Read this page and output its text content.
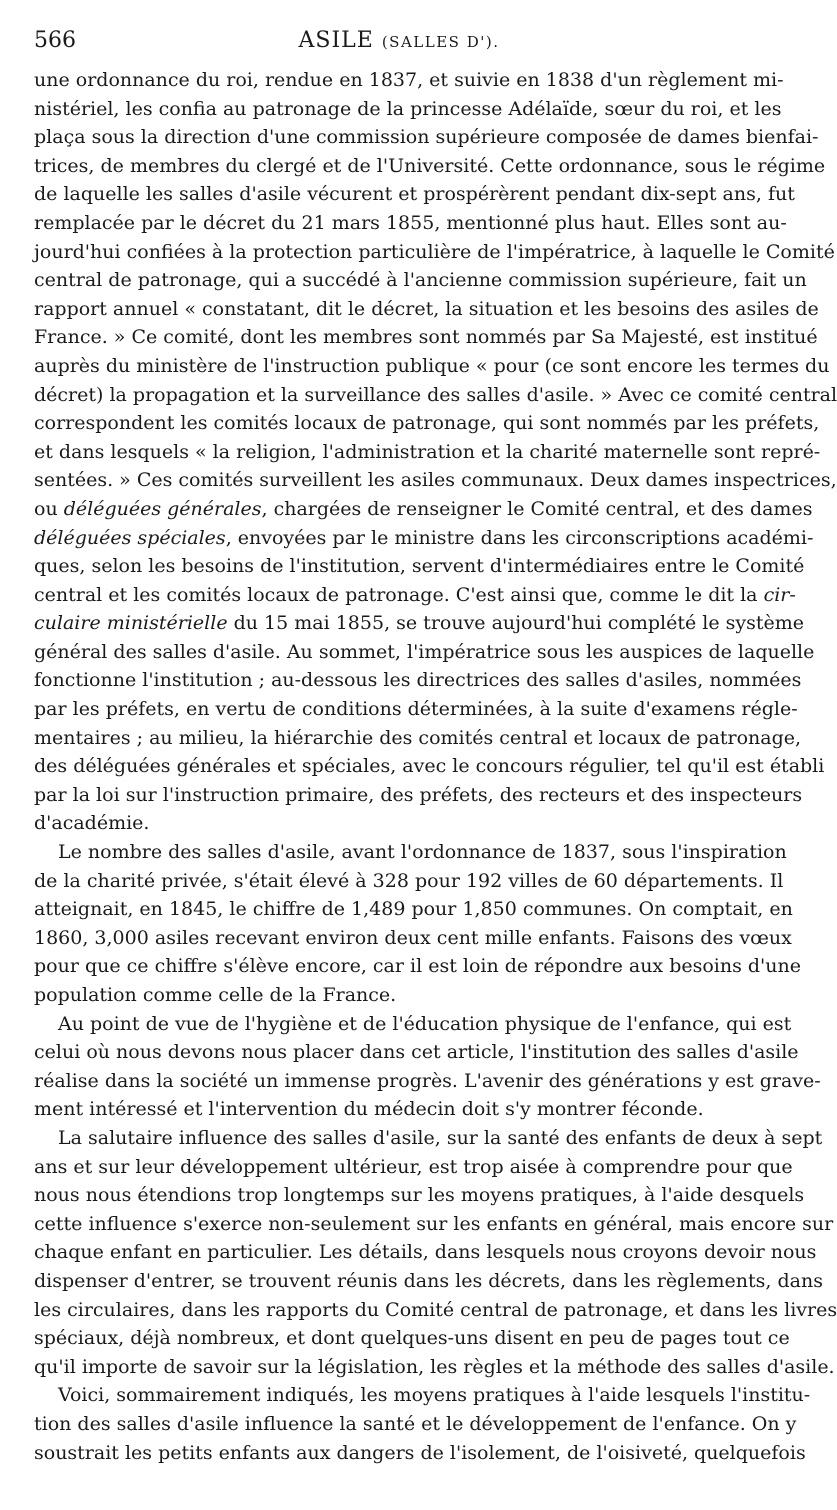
566	ASILE (SALLES D').
une ordonnance du roi, rendue en 1837, et suivie en 1838 d'un règlement mi-
nistériel, les confia au patronage de la princesse Adélaïde, sœur du roi, et les
plaça sous la direction d'une commission supérieure composée de dames bienfai-
trices, de membres du clergé et de l'Université. Cette ordonnance, sous le régime
de laquelle les salles d'asile vécurent et prospérèrent pendant dix-sept ans, fut
remplacée par le décret du 21 mars 1855, mentionné plus haut. Elles sont au-
jourd'hui confiées à la protection particulière de l'impératrice, à laquelle le Comité
central de patronage, qui a succédé à l'ancienne commission supérieure, fait un
rapport annuel « constatant, dit le décret, la situation et les besoins des asiles de
France. » Ce comité, dont les membres sont nommés par Sa Majesté, est institué
auprès du ministère de l'instruction publique « pour (ce sont encore les termes du
décret) la propagation et la surveillance des salles d'asile. » Avec ce comité central
correspondent les comités locaux de patronage, qui sont nommés par les préfets,
et dans lesquels « la religion, l'administration et la charité maternelle sont repré-
sentées. » Ces comités surveillent les asiles communaux. Deux dames inspectrices,
ou déléguées générales, chargées de renseigner le Comité central, et des dames
déléguées spéciales, envoyées par le ministre dans les circonscriptions académi-
ques, selon les besoins de l'institution, servent d'intermédiaires entre le Comité
central et les comités locaux de patronage. C'est ainsi que, comme le dit la cir-
culaire ministérielle du 15 mai 1855, se trouve aujourd'hui complété le système
général des salles d'asile. Au sommet, l'impératrice sous les auspices de laquelle
fonctionne l'institution ; au-dessous les directrices des salles d'asiles, nommées
par les préfets, en vertu de conditions déterminées, à la suite d'examens régle-
mentaires ; au milieu, la hiérarchie des comités central et locaux de patronage,
des déléguées générales et spéciales, avec le concours régulier, tel qu'il est établi
par la loi sur l'instruction primaire, des préfets, des recteurs et des inspecteurs
d'académie.
Le nombre des salles d'asile, avant l'ordonnance de 1837, sous l'inspiration
de la charité privée, s'était élevé à 328 pour 192 villes de 60 départements. Il
atteignait, en 1845, le chiffre de 1,489 pour 1,850 communes. On comptait, en
1860, 3,000 asiles recevant environ deux cent mille enfants. Faisons des vœux
pour que ce chiffre s'élève encore, car il est loin de répondre aux besoins d'une
population comme celle de la France.
Au point de vue de l'hygiène et de l'éducation physique de l'enfance, qui est
celui où nous devons nous placer dans cet article, l'institution des salles d'asile
réalise dans la société un immense progrès. L'avenir des générations y est grave-
ment intéressé et l'intervention du médecin doit s'y montrer féconde.
La salutaire influence des salles d'asile, sur la santé des enfants de deux à sept
ans et sur leur développement ultérieur, est trop aisée à comprendre pour que
nous nous étendions trop longtemps sur les moyens pratiques, à l'aide desquels
cette influence s'exerce non-seulement sur les enfants en général, mais encore sur
chaque enfant en particulier. Les détails, dans lesquels nous croyons devoir nous
dispenser d'entrer, se trouvent réunis dans les décrets, dans les règlements, dans
les circulaires, dans les rapports du Comité central de patronage, et dans les livres
spéciaux, déjà nombreux, et dont quelques-uns disent en peu de pages tout ce
qu'il importe de savoir sur la législation, les règles et la méthode des salles d'asile.
Voici, sommairement indiqués, les moyens pratiques à l'aide lesquels l'institu-
tion des salles d'asile influence la santé et le développement de l'enfance. On y
soustrait les petits enfants aux dangers de l'isolement, de l'oisiveté, quelquefois
